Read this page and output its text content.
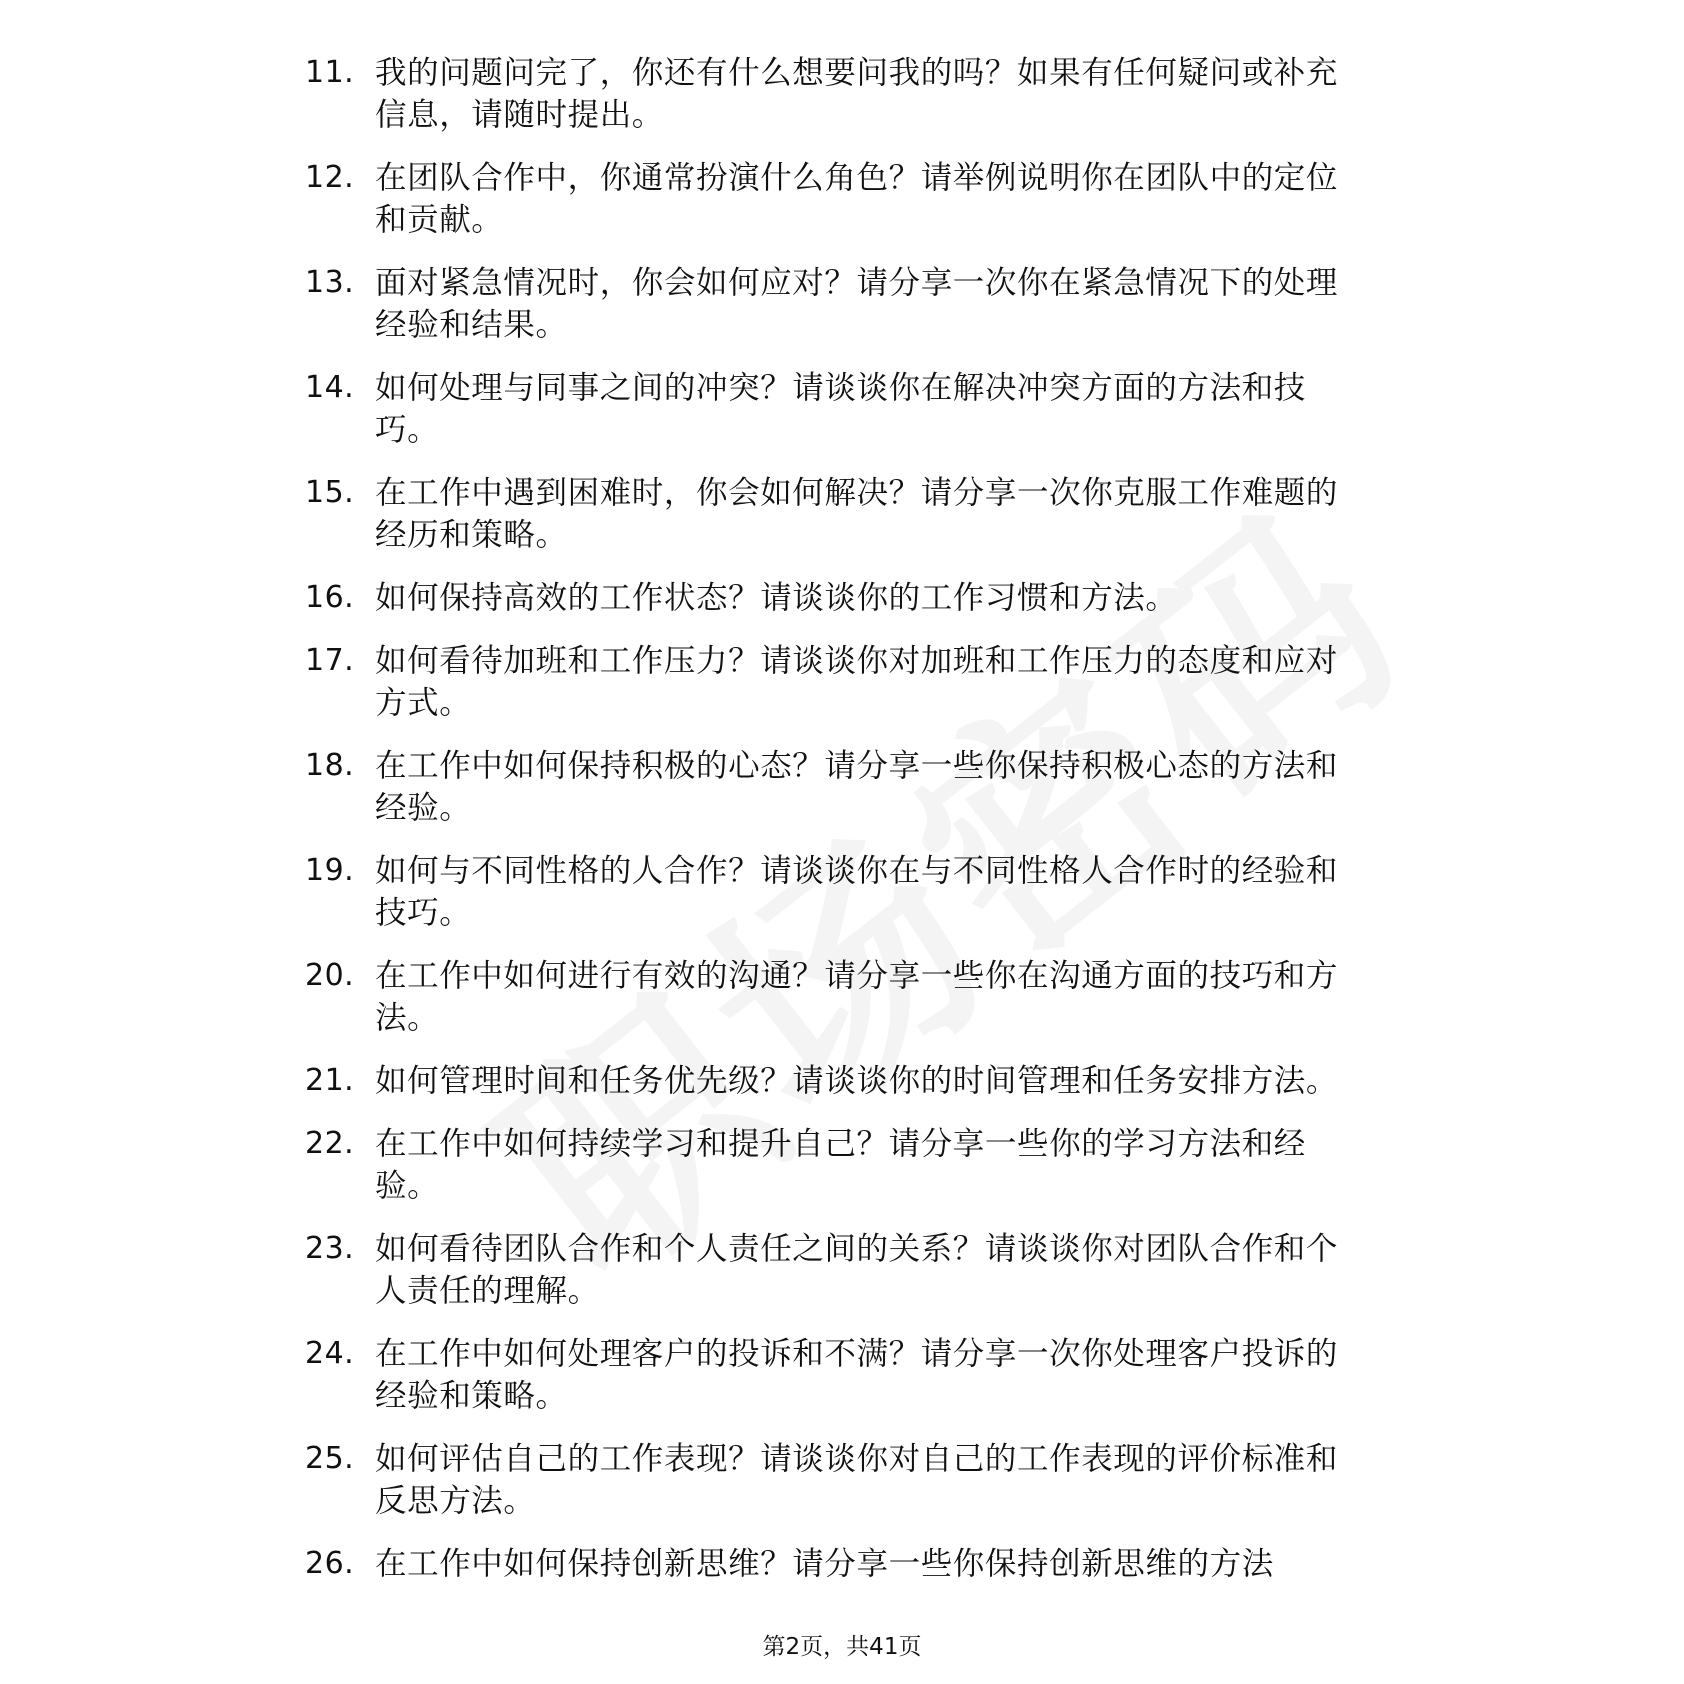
11. 我的问题问完了，你还有什么想要问我的吗？如果有任何疑问或补充信息，请随时提出。
12. 在团队合作中，你通常扮演什么角色？请举例说明你在团队中的定位和贡献。
13. 面对紧急情况时，你会如何应对？请分享一次你在紧急情况下的处理经验和结果。
14. 如何处理与同事之间的冲突？请谈谈你在解决冲突方面的方法和技巧。
15. 在工作中遇到困难时，你会如何解决？请分享一次你克服工作难题的经历和策略。
16. 如何保持高效的工作状态？请谈谈你的工作习惯和方法。
17. 如何看待加班和工作压力？请谈谈你对加班和工作压力的态度和应对方式。
18. 在工作中如何保持积极的心态？请分享一些你保持积极心态的方法和经验。
19. 如何与不同性格的人合作？请谈谈你在与不同性格人合作时的经验和技巧。
20. 在工作中如何进行有效的沟通？请分享一些你在沟通方面的技巧和方法。
21. 如何管理时间和任务优先级？请谈谈你的时间管理和任务安排方法。
22. 在工作中如何持续学习和提升自己？请分享一些你的学习方法和经验。
23. 如何看待团队合作和个人责任之间的关系？请谈谈你对团队合作和个人责任的理解。
24. 在工作中如何处理客户的投诉和不满？请分享一次你处理客户投诉的经验和策略。
25. 如何评估自己的工作表现？请谈谈你对自己的工作表现的评价标准和反思方法。
26. 在工作中如何保持创新思维？请分享一些你保持创新思维的方法
第2页，共41页
